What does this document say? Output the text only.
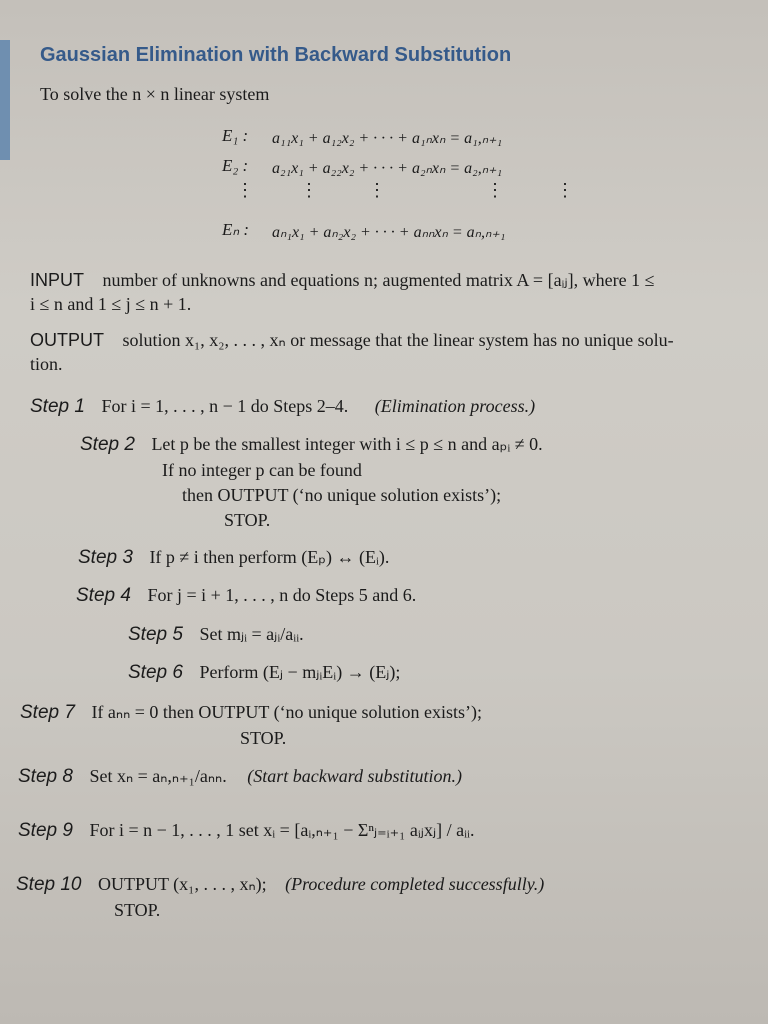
Gaussian Elimination with Backward Substitution
To solve the n × n linear system
E₁ : a₁₁x₁ + a₁₂x₂ + · · · + a₁ₙxₙ = a₁,ₙ₊₁
E₂ : a₂₁x₁ + a₂₂x₂ + · · · + a₂ₙxₙ = a₂,ₙ₊₁
⋮	⋮	⋮	⋮	⋮
Eₙ : aₙ₁x₁ + aₙ₂x₂ + · · · + aₙₙxₙ = aₙ,ₙ₊₁
INPUT number of unknowns and equations n; augmented matrix A = [aᵢⱼ], where 1 ≤
i ≤ n and 1 ≤ j ≤ n + 1.
OUTPUT solution x₁, x₂, . . . , xₙ or message that the linear system has no unique solu-
tion.
Step 1 For i = 1, . . . , n − 1 do Steps 2–4. (Elimination process.)
Step 2 Let p be the smallest integer with i ≤ p ≤ n and aₚᵢ ≠ 0.
If no integer p can be found
then OUTPUT (‘no unique solution exists’);
STOP.
Step 3 If p ≠ i then perform (Eₚ) ↔ (Eᵢ).
Step 4 For j = i + 1, . . . , n do Steps 5 and 6.
Step 5 Set mⱼᵢ = aⱼᵢ/aᵢᵢ.
Step 6 Perform (Eⱼ − mⱼᵢEᵢ) → (Eⱼ);
Step 7 If aₙₙ = 0 then OUTPUT (‘no unique solution exists’);
STOP.
Step 8 Set xₙ = aₙ,ₙ₊₁/aₙₙ. (Start backward substitution.)
Step 9 For i = n − 1, . . . , 1 set xᵢ = [aᵢ,ₙ₊₁ − Σⁿⱼ₌ᵢ₊₁ aᵢⱼxⱼ] / aᵢᵢ.
Step 10 OUTPUT (x₁, . . . , xₙ); (Procedure completed successfully.)
STOP.
